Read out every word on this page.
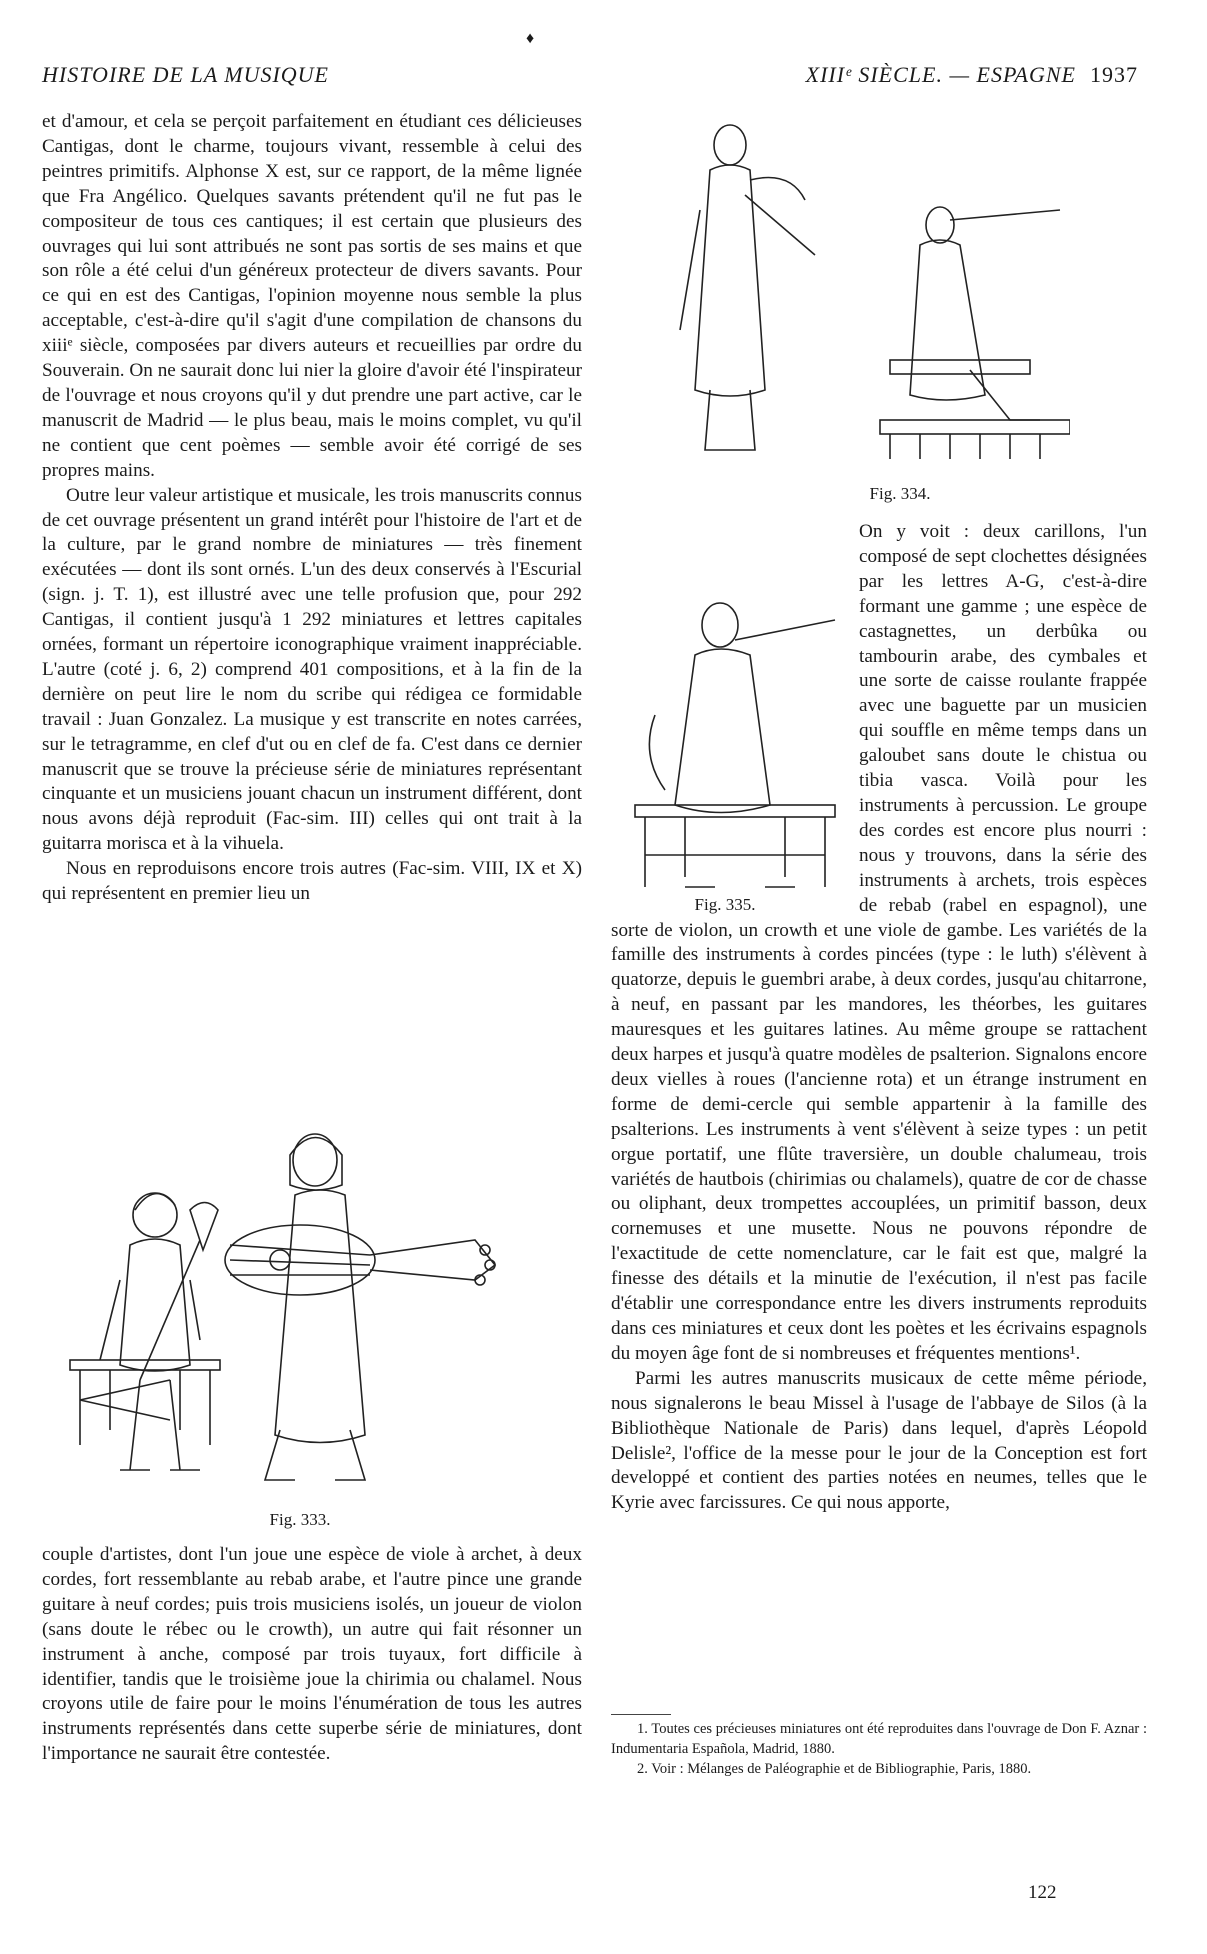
♦
HISTOIRE DE LA MUSIQUE	XIIIᵉ SIÈCLE. — ESPAGNE 1937

et d'amour, et cela se perçoit parfaitement en étudiant ces délicieuses Cantigas, dont le charme, toujours vivant, ressemble à celui des peintres primitifs. Alphonse X est, sur ce rapport, de la même lignée que Fra Angélico. Quelques savants prétendent qu'il ne fut pas le compositeur de tous ces cantiques; il est certain que plusieurs des ouvrages qui lui sont attribués ne sont pas sortis de ses mains et que son rôle a été celui d'un généreux protecteur de divers savants. Pour ce qui en est des Cantigas, l'opinion moyenne nous semble la plus acceptable, c'est-à-dire qu'il s'agit d'une compilation de chansons du xiiiᵉ siècle, composées par divers auteurs et recueillies par ordre du Souverain. On ne saurait donc lui nier la gloire d'avoir été l'inspirateur de l'ouvrage et nous croyons qu'il y dut prendre une part active, car le manuscrit de Madrid — le plus beau, mais le moins complet, vu qu'il ne contient que cent poèmes — semble avoir été corrigé de ses propres mains.

Outre leur valeur artistique et musicale, les trois manuscrits connus de cet ouvrage présentent un grand intérêt pour l'histoire de l'art et de la culture, par le grand nombre de miniatures — très finement exécutées — dont ils sont ornés. L'un des deux conservés à l'Escurial (sign. j. T. 1), est illustré avec une telle profusion que, pour 292 Cantigas, il contient jusqu'à 1 292 miniatures et lettres capitales ornées, formant un répertoire iconographique vraiment inappréciable. L'autre (coté j. 6, 2) comprend 401 compositions, et à la fin de la dernière on peut lire le nom du scribe qui rédigea ce formidable travail : Juan Gonzalez. La musique y est transcrite en notes carrées, sur le tetragramme, en clef d'ut ou en clef de fa. C'est dans ce dernier manuscrit que se trouve la précieuse série de miniatures représentant cinquante et un musiciens jouant chacun un instrument différent, dont nous avons déjà reproduit (Fac-sim. III) celles qui ont trait à la guitarra morisca et à la vihuela.

Nous en reproduisons encore trois autres (Fac-sim. VIII, IX et X) qui représentent en premier lieu un

Fig. 333.

couple d'artistes, dont l'un joue une espèce de viole à archet, à deux cordes, fort ressemblante au rebab arabe, et l'autre pince une grande guitare à neuf cordes; puis trois musiciens isolés, un joueur de violon (sans doute le rébec ou le crowth), un autre qui fait résonner un instrument à anche, composé par trois tuyaux, fort difficile à identifier, tandis que le troisième joue la chirimia ou chalamel. Nous croyons utile de faire pour le moins l'énumération de tous les autres instruments représentés dans cette superbe série de miniatures, dont l'importance ne saurait être contestée.

Fig. 334.

On y voit : deux carillons, l'un composé de sept clochettes désignées par les lettres A-G, c'est-à-dire formant une gamme ; une espèce de castagnettes, un derbûka ou tambourin arabe, des cymbales et une sorte de caisse roulante frappée avec une baguette par un musicien qui souffle en même temps dans un galoubet sans doute le chistua ou tibia vasca. Voilà pour les instruments à percussion. Le groupe des cordes est encore plus nourri : nous y trouvons, dans la série des instruments à archets, trois espèces de rebab (rabel en espagnol), une sorte de violon, un crowth et une viole de gambe. Les variétés de la famille des instruments à cordes pincées (type : le luth) s'élèvent à quatorze, depuis le guembri arabe, à deux cordes, jusqu'au chitarrone, à neuf, en passant par les mandores, les théorbes, les guitares mauresques et les guitares latines. Au même groupe se rattachent deux harpes et jusqu'à quatre modèles de psalterion. Signalons encore deux vielles à roues (l'ancienne rota) et un étrange instrument en forme de demi-cercle qui semble appartenir à la famille des psalterions. Les instruments à vent s'élèvent à seize types : un petit orgue portatif, une flûte traversière, un double chalumeau, trois variétés de hautbois (chirimias ou chalamels), quatre de cor de chasse ou oliphant, deux trompettes accouplées, un primitif basson, deux cornemuses et une musette. Nous ne pouvons répondre de l'exactitude de cette nomenclature, car le fait est que, malgré la finesse des détails et la minutie de l'exécution, il n'est pas facile d'établir une correspondance entre les divers instruments reproduits dans ces miniatures et ceux dont les poètes et les écrivains espagnols du moyen âge font de si nombreuses et fréquentes mentions¹.

Parmi les autres manuscrits musicaux de cette même période, nous signalerons le beau Missel à l'usage de l'abbaye de Silos (à la Bibliothèque Nationale de Paris) dans lequel, d'après Léopold Delisle², l'office de la messe pour le jour de la Conception est fort developpé et contient des parties notées en neumes, telles que le Kyrie avec farcissures. Ce qui nous apporte,

Fig. 335.

1. Toutes ces précieuses miniatures ont été reproduites dans l'ouvrage de Don F. Aznar : Indumentaria Española, Madrid, 1880.

2. Voir : Mélanges de Paléographie et de Bibliographie, Paris, 1880.

122
